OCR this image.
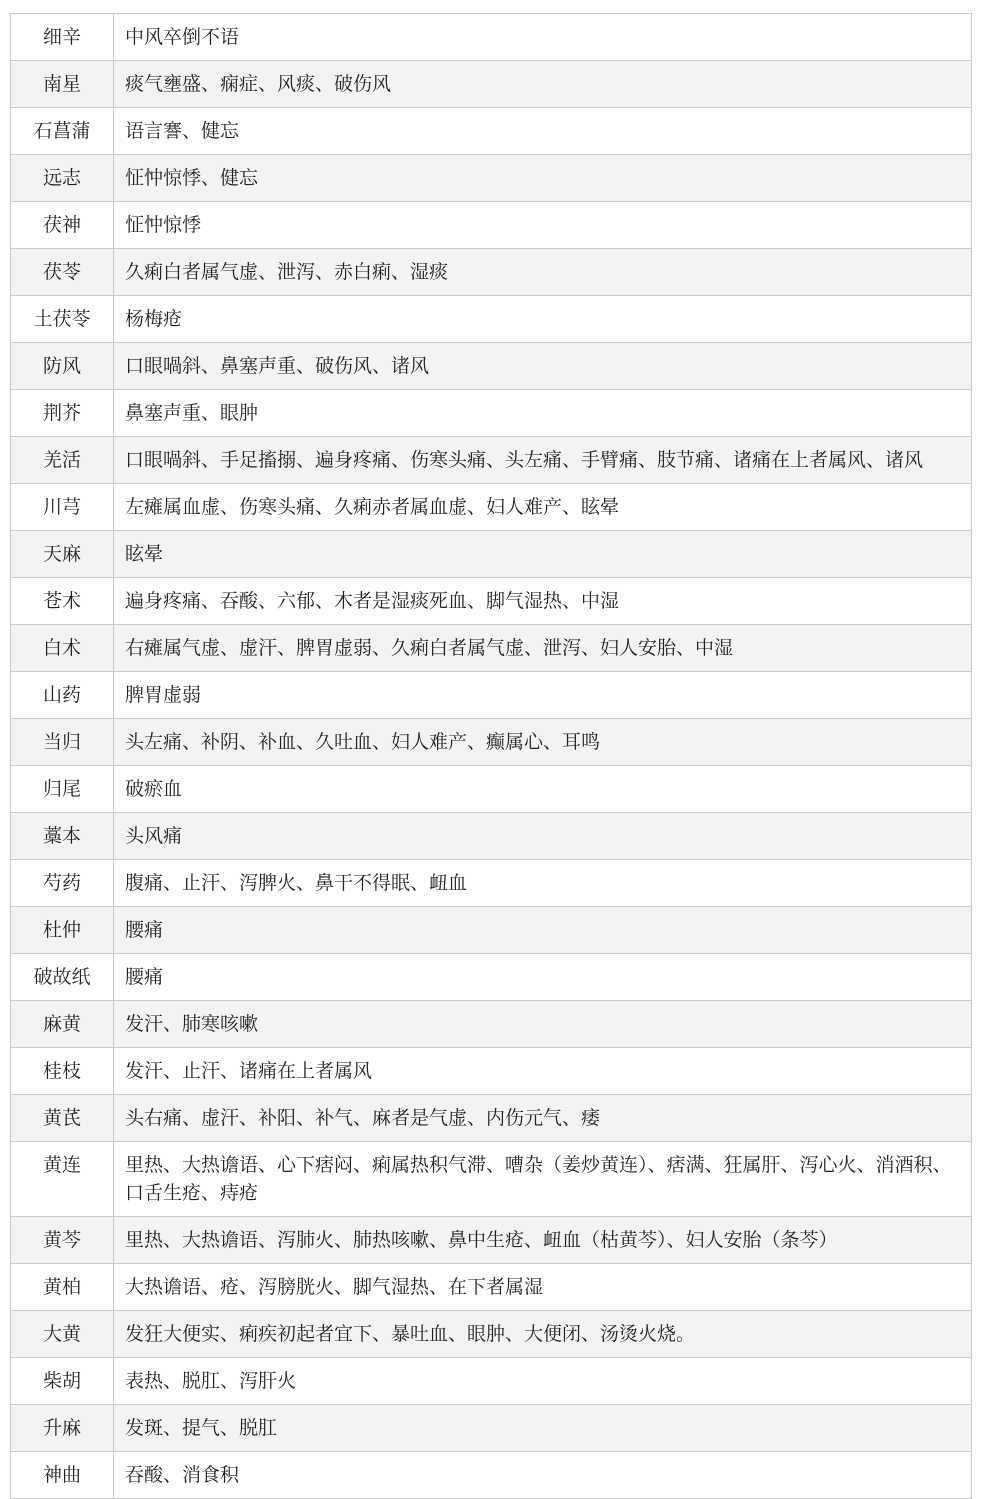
细辛	中风卒倒不语
南星	痰气壅盛、痫症、风痰、破伤风
石菖蒲	语言謇、健忘
远志	怔忡惊悸、健忘
茯神	怔忡惊悸
茯苓	久痢白者属气虚、泄泻、赤白痢、湿痰
土茯苓	杨梅疮
防风	口眼喎斜、鼻塞声重、破伤风、诸风
荆芥	鼻塞声重、眼肿
羌活	口眼喎斜、手足搐搦、遍身疼痛、伤寒头痛、头左痛、手臂痛、肢节痛、诸痛在上者属风、诸风
川芎	左瘫属血虚、伤寒头痛、久痢赤者属血虚、妇人难产、眩晕
天麻	眩晕
苍术	遍身疼痛、吞酸、六郁、木者是湿痰死血、脚气湿热、中湿
白术	右瘫属气虚、虚汗、脾胃虚弱、久痢白者属气虚、泄泻、妇人安胎、中湿
山药	脾胃虚弱
当归	头左痛、补阴、补血、久吐血、妇人难产、癫属心、耳鸣
归尾	破瘀血
藁本	头风痛
芍药	腹痛、止汗、泻脾火、鼻干不得眠、衄血
杜仲	腰痛
破故纸	腰痛
麻黄	发汗、肺寒咳嗽
桂枝	发汗、止汗、诸痛在上者属风
黄芪	头右痛、虚汗、补阳、补气、麻者是气虚、内伤元气、痿
黄连	里热、大热谵语、心下痞闷、痢属热积气滞、嘈杂（姜炒黄连）、痞满、狂属肝、泻心火、消酒积、口舌生疮、痔疮
黄芩	里热、大热谵语、泻肺火、肺热咳嗽、鼻中生疮、衄血（枯黄芩）、妇人安胎（条芩）
黄柏	大热谵语、疮、泻膀胱火、脚气湿热、在下者属湿
大黄	发狂大便实、痢疾初起者宜下、暴吐血、眼肿、大便闭、汤烫火烧。
柴胡	表热、脱肛、泻肝火
升麻	发斑、提气、脱肛
神曲	吞酸、消食积
